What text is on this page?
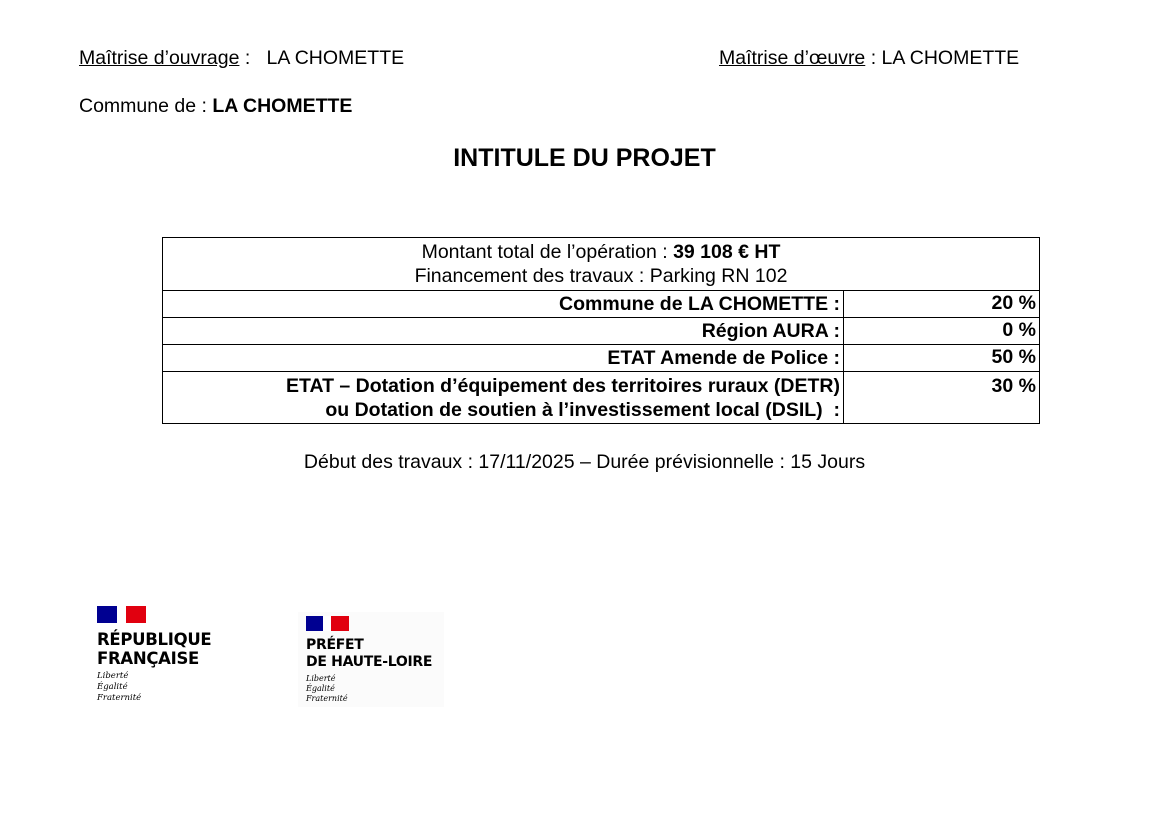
Maîtrise d’ouvrage :   LA CHOMETTE	Maîtrise d’œuvre : LA CHOMETTE
Commune de : LA CHOMETTE
INTITULE DU PROJET
Montant total de l’opération : 39 108 € HT
Financement des travaux : Parking RN 102	

Commune de LA CHOMETTE :	20 %
Région AURA :	0 %
ETAT Amende de Police :	50 %

ETAT – Dotation d’équipement des territoires ruraux (DETR)
ou Dotation de soutien à l’investissement local (DSIL)  :	30 %
Début des travaux : 17/11/2025 – Durée prévisionnelle : 15 Jours
RÉPUBLIQUE
FRANÇAISE
Liberté
Égalité
Fraternité
PRÉFET
DE HAUTE-LOIRE
Liberté
Égalité
Fraternité
